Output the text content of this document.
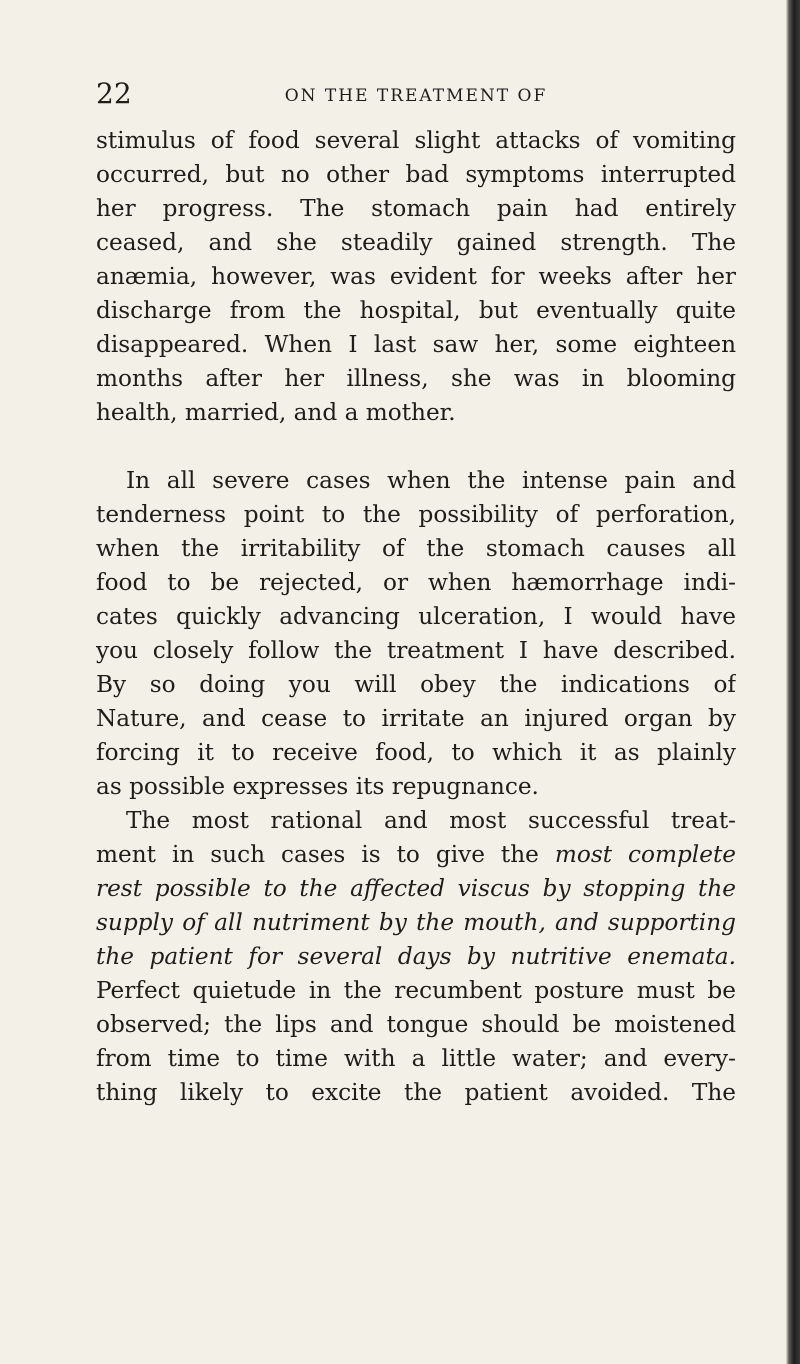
22	ON THE TREATMENT OF
stimulus of food several slight attacks of vomiting
occurred, but no other bad symptoms interrupted
her progress. The stomach pain had entirely
ceased, and she steadily gained strength. The
anæmia, however, was evident for weeks after her
discharge from the hospital, but eventually quite
disappeared. When I last saw her, some eighteen
months after her illness, she was in blooming
health, married, and a mother.
In all severe cases when the intense pain and
tenderness point to the possibility of perforation,
when the irritability of the stomach causes all
food to be rejected, or when hæmorrhage indi-
cates quickly advancing ulceration, I would have
you closely follow the treatment I have described.
By so doing you will obey the indications of
Nature, and cease to irritate an injured organ by
forcing it to receive food, to which it as plainly
as possible expresses its repugnance.
The most rational and most successful treat-
ment in such cases is to give the most complete
rest possible to the affected viscus by stopping the
supply of all nutriment by the mouth, and supporting
the patient for several days by nutritive enemata.
Perfect quietude in the recumbent posture must be
observed; the lips and tongue should be moistened
from time to time with a little water; and every-
thing likely to excite the patient avoided. The
